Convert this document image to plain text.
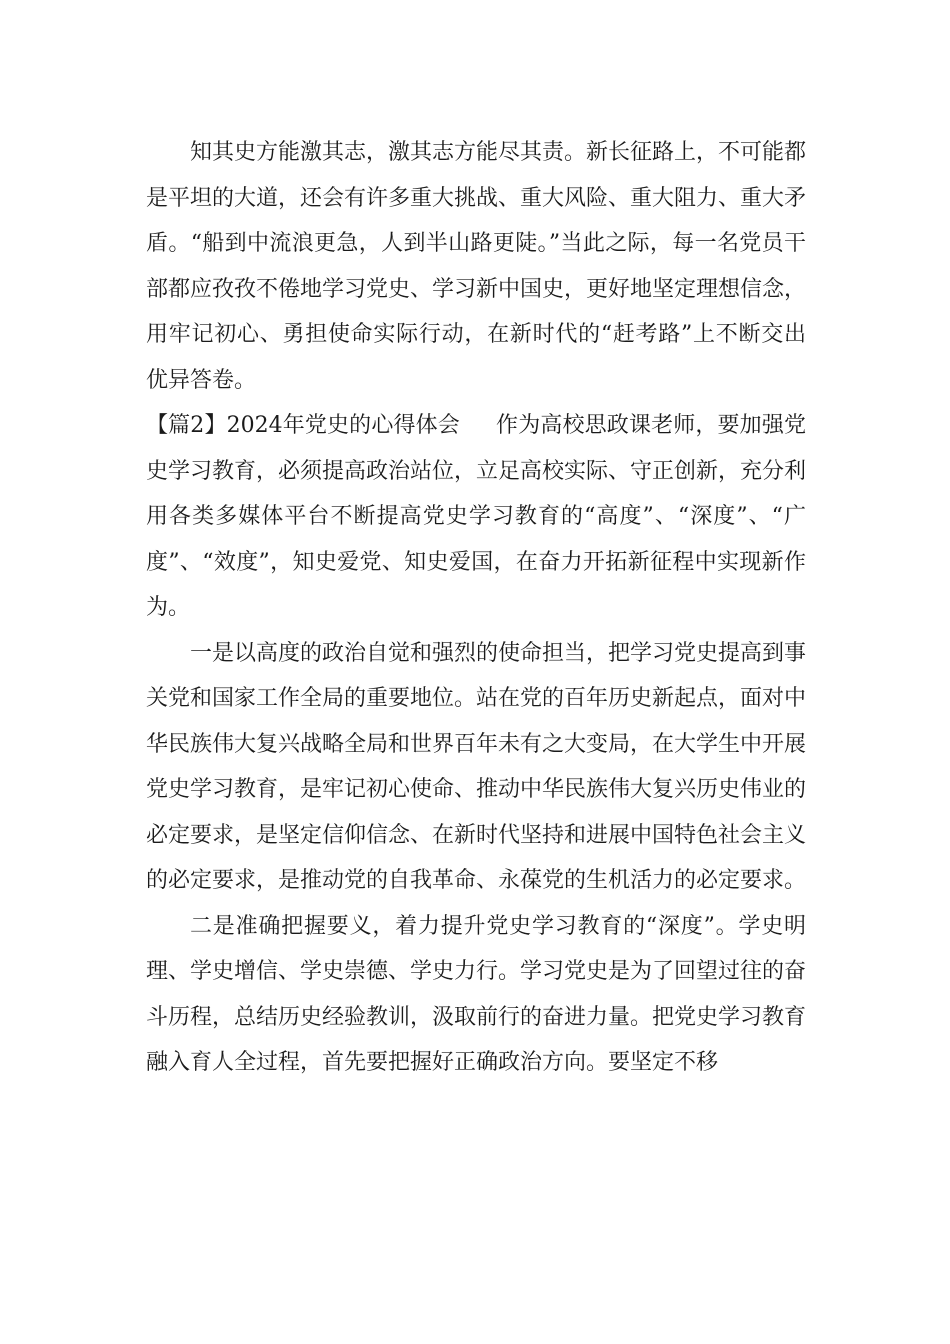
知其史方能激其志，激其志方能尽其责。新长征路上，不可能都是平坦的大道，还会有许多重大挑战、重大风险、重大阻力、重大矛盾。“船到中流浪更急，人到半山路更陡。”当此之际，每一名党员干部都应孜孜不倦地学习党史、学习新中国史，更好地坚定理想信念，用牢记初心、勇担使命实际行动，在新时代的“赶考路”上不断交出优异答卷。

【篇2】2024年党史的心得体会 作为高校思政课老师，要加强党史学习教育，必须提高政治站位，立足高校实际、守正创新，充分利用各类多媒体平台不断提高党史学习教育的“高度”、“深度”、“广度”、“效度”，知史爱党、知史爱国，在奋力开拓新征程中实现新作为。

一是以高度的政治自觉和强烈的使命担当，把学习党史提高到事关党和国家工作全局的重要地位。站在党的百年历史新起点，面对中华民族伟大复兴战略全局和世界百年未有之大变局，在大学生中开展党史学习教育，是牢记初心使命、推动中华民族伟大复兴历史伟业的必定要求，是坚定信仰信念、在新时代坚持和进展中国特色社会主义的必定要求，是推动党的自我革命、永葆党的生机活力的必定要求。

二是准确把握要义，着力提升党史学习教育的“深度”。学史明理、学史增信、学史崇德、学史力行。学习党史是为了回望过往的奋斗历程，总结历史经验教训，汲取前行的奋进力量。把党史学习教育融入育人全过程，首先要把握好正确政治方向。要坚定不移
